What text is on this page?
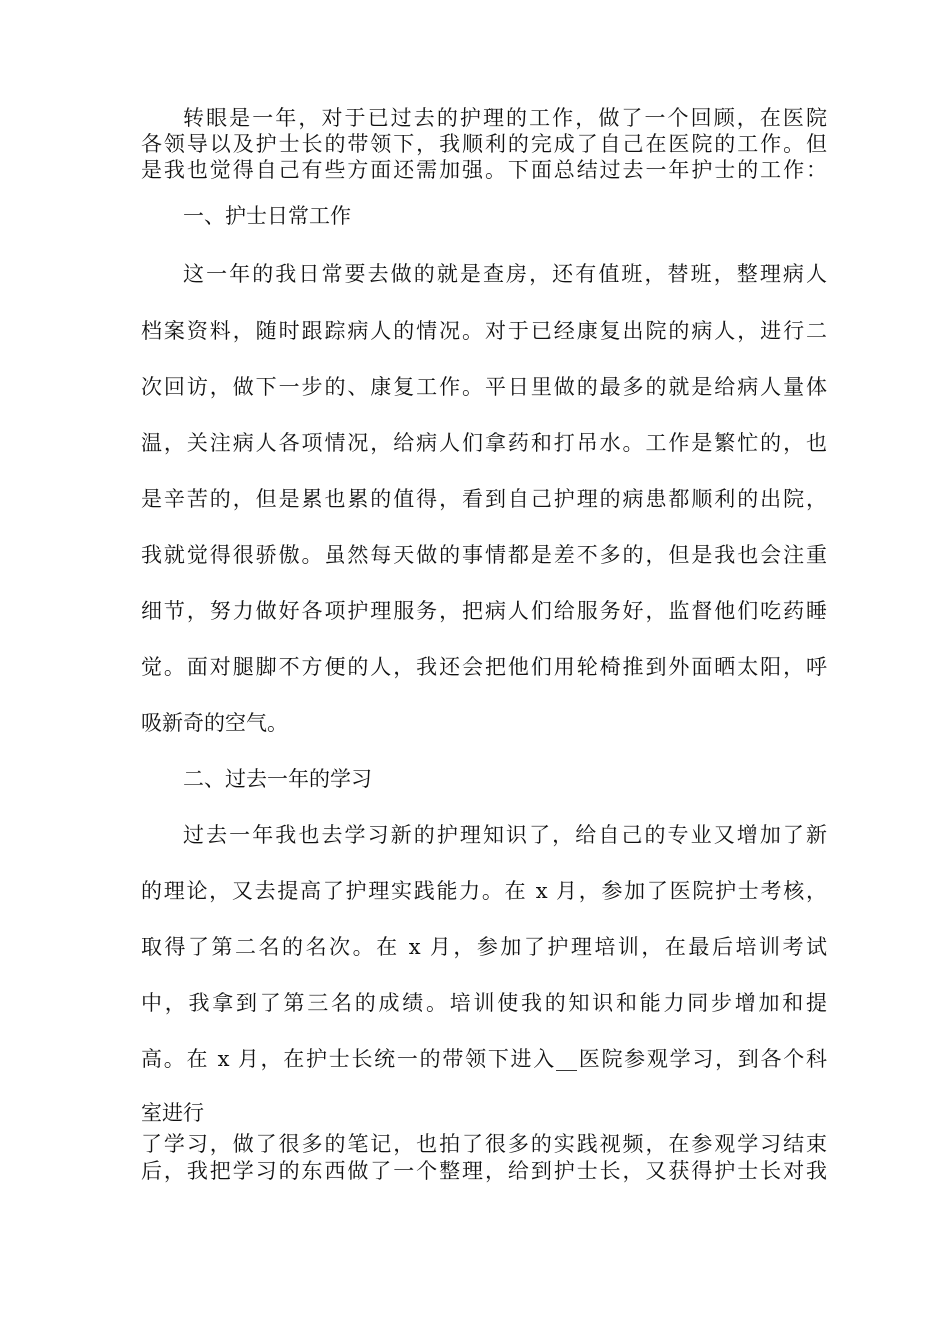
转眼是一年，对于已过去的护理的工作，做了一个回顾，在医院
各领导以及护士长的带领下，我顺利的完成了自己在医院的工作。但
是我也觉得自己有些方面还需加强。下面总结过去一年护士的工作：
一、护士日常工作
这一年的我日常要去做的就是查房，还有值班，替班，整理病人
档案资料，随时跟踪病人的情况。对于已经康复出院的病人，进行二
次回访，做下一步的、康复工作。平日里做的最多的就是给病人量体
温，关注病人各项情况，给病人们拿药和打吊水。工作是繁忙的，也
是辛苦的，但是累也累的值得，看到自己护理的病患都顺利的出院，
我就觉得很骄傲。虽然每天做的事情都是差不多的，但是我也会注重
细节，努力做好各项护理服务，把病人们给服务好，监督他们吃药睡
觉。面对腿脚不方便的人，我还会把他们用轮椅推到外面晒太阳，呼
吸新奇的空气。
二、过去一年的学习
过去一年我也去学习新的护理知识了，给自己的专业又增加了新
的理论，又去提高了护理实践能力。在 x 月，参加了医院护士考核，
取得了第二名的名次。在 x 月，参加了护理培训，在最后培训考试
中，我拿到了第三名的成绩。培训使我的知识和能力同步增加和提
高。在 x 月，在护士长统一的带领下进入__医院参观学习，到各个科
室进行
了学习，做了很多的笔记，也拍了很多的实践视频，在参观学习结束
后，我把学习的东西做了一个整理，给到护士长，又获得护士长对我
